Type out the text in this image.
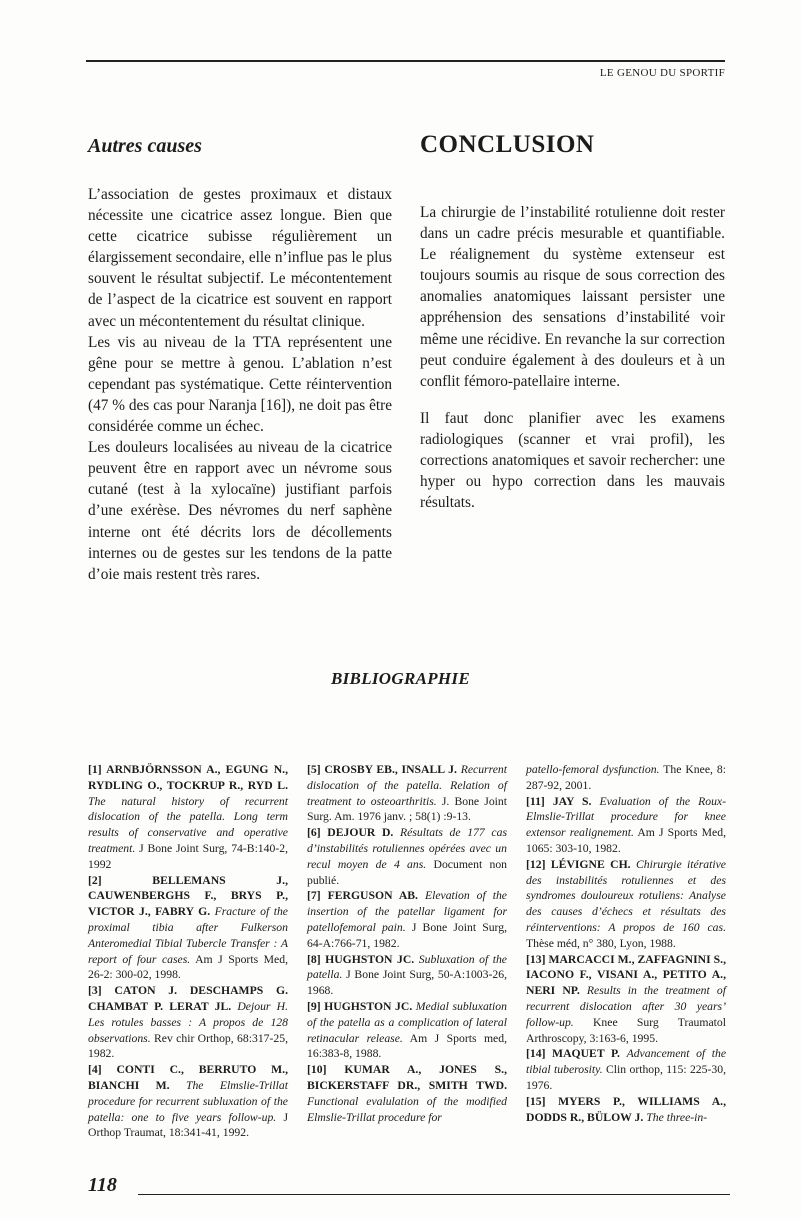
LE GENOU DU SPORTIF
Autres causes	CONCLUSION

L’association de gestes proximaux et distaux nécessite une cicatrice assez longue. Bien que cette cicatrice subisse régulièrement un élargissement secondaire, elle n’influe pas le plus souvent le résultat subjectif. Le mécontentement de l’aspect de la cicatrice est souvent en rapport avec un mécontentement du résultat clinique.

Les vis au niveau de la TTA représentent une gêne pour se mettre à genou. L’ablation n’est cependant pas systématique. Cette réintervention (47 % des cas pour Naranja [16]), ne doit pas être considérée comme un échec.

Les douleurs localisées au niveau de la cicatrice peuvent être en rapport avec un névrome sous cutané (test à la xylocaïne) justifiant parfois d’une exérèse. Des névromes du nerf saphène interne ont été décrits lors de décollements internes ou de gestes sur les tendons de la patte d’oie mais restent très rares.

La chirurgie de l’instabilité rotulienne doit rester dans un cadre précis mesurable et quantifiable. Le réalignement du système extenseur est toujours soumis au risque de sous correction des anomalies anatomiques laissant persister une appréhension des sensations d’instabilité voir même une récidive. En revanche la sur correction peut conduire également à des douleurs et à un conflit fémoro-patellaire interne.

Il faut donc planifier avec les examens radiologiques (scanner et vrai profil), les corrections anatomiques et savoir rechercher: une hyper ou hypo correction dans les mauvais résultats.

BIBLIOGRAPHIE

[1] ARNBJÖRNSSON A., EGUNG N., RYDLING O., TOCKRUP R., RYD L. The natural history of recurrent dislocation of the patella. Long term results of conservative and operative treatment. J Bone Joint Surg, 74-B:140-2, 1992

[2] BELLEMANS J., CAUWENBERGHS F., BRYS P., VICTOR J., FABRY G. Fracture of the proximal tibia after Fulkerson Anteromedial Tibial Tubercle Transfer : A report of four cases. Am J Sports Med, 26-2: 300-02, 1998.

[3] CATON J. DESCHAMPS G. CHAMBAT P. LERAT JL. Dejour H. Les rotules basses : A propos de 128 observations. Rev chir Orthop, 68:317-25, 1982.

[4] CONTI C., BERRUTO M., BIANCHI M. The Elmslie-Trillat procedure for recurrent subluxation of the patella: one to five years follow-up. J Orthop Traumat, 18:341-41, 1992.

[5] CROSBY EB., INSALL J. Recurrent dislocation of the patella. Relation of treatment to osteoarthritis. J. Bone Joint Surg. Am. 1976 janv. ; 58(1) :9-13.

[6] DEJOUR D. Résultats de 177 cas d’instabilités rotuliennes opérées avec un recul moyen de 4 ans. Document non publié.

[7] FERGUSON AB. Elevation of the insertion of the patellar ligament for patellofemoral pain. J Bone Joint Surg, 64-A:766-71, 1982.

[8] HUGHSTON JC. Subluxation of the patella. J Bone Joint Surg, 50-A:1003-26, 1968.

[9] HUGHSTON JC. Medial subluxation of the patella as a complication of lateral retinacular release. Am J Sports med, 16:383-8, 1988.

[10] KUMAR A., JONES S., BICKERSTAFF DR., SMITH TWD. Functional evalulation of the modified Elmslie-Trillat procedure for

patello-femoral dysfunction. The Knee, 8: 287-92, 2001.

[11] JAY S. Evaluation of the Roux-Elmslie-Trillat procedure for knee extensor realignement. Am J Sports Med, 1065: 303-10, 1982.

[12] LÉVIGNE CH. Chirurgie itérative des instabilités rotuliennes et des syndromes douloureux rotuliens: Analyse des causes d’échecs et résultats des réinterventions: A propos de 160 cas. Thèse méd, n° 380, Lyon, 1988.

[13] MARCACCI M., ZAFFAGNINI S., IACONO F., VISANI A., PETITO A., NERI NP. Results in the treatment of recurrent dislocation after 30 years’ follow-up. Knee Surg Traumatol Arthroscopy, 3:163-6, 1995.

[14] MAQUET P. Advancement of the tibial tuberosity. Clin orthop, 115: 225-30, 1976.

[15] MYERS P., WILLIAMS A., DODDS R., BÜLOW J. The three-in-

118
